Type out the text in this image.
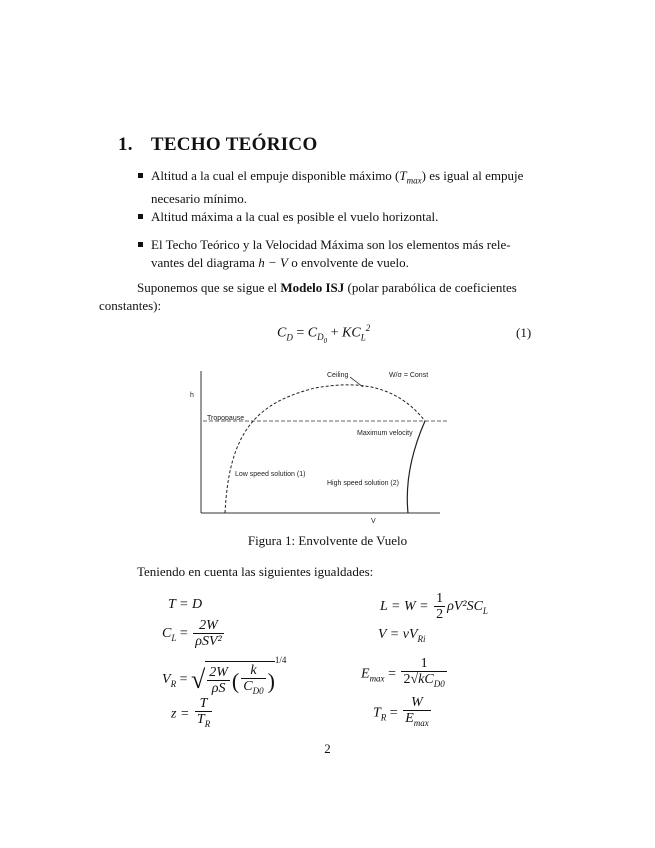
1. TECHO TEÓRICO
Altitud a la cual el empuje disponible máximo $(T_{max})$ es igual al empuje
necesario mínimo.
Altitud máxima a la cual es posible el vuelo horizontal.
El Techo Teórico y la Velocidad Máxima son los elementos más rele-
vantes del diagrama h − V o envolvente de vuelo.
Suponemos que se sigue el Modelo ISJ (polar parabólica de coeficientes
constantes):
$C_D = C_{D_0} + KC_L^2$	(1)
Ceiling	W/σ = Const
Tropopause
Maximum velocity
Low speed solution (1)
High speed solution (2)
V
h
Figura 1: Envolvente de Vuelo
Teniendo en cuenta las siguientes igualdades:
T = D
$C_L = \frac{2W}{\text{ρSV²}}$
$V_R$ = √ $\frac{2W}{\rho S}$ ( $\frac{k}{C_{D0}} )^{1/4}$
$z = \frac{T}{T_R}$
$L = W = \frac{1}{2} \rho V^2SC_L$
$V = vV_{Ri}$
$E_{max} = \frac{1}{2√kC_{D0}}$
$T_R = \frac{W}{E_{max}}$
2
